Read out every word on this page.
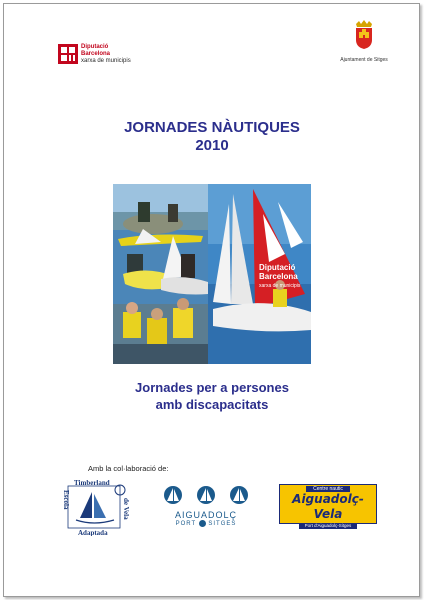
Diputació
Barcelona
xarxa de municipis	Ajuntament de Sitges
JORNADES NÀUTIQUES
2010
Diputació
Barcelona
xarxa de municipis
Jornades per a persones
amb discapacitats
Amb la col·laboració de:
Timberland
Escola	de Vela
Adaptada
AIGUADOLÇ
PORT SITGES
Centre nautic
Aiguadolç-Vela
Port d'Aiguadolç-Sitges
